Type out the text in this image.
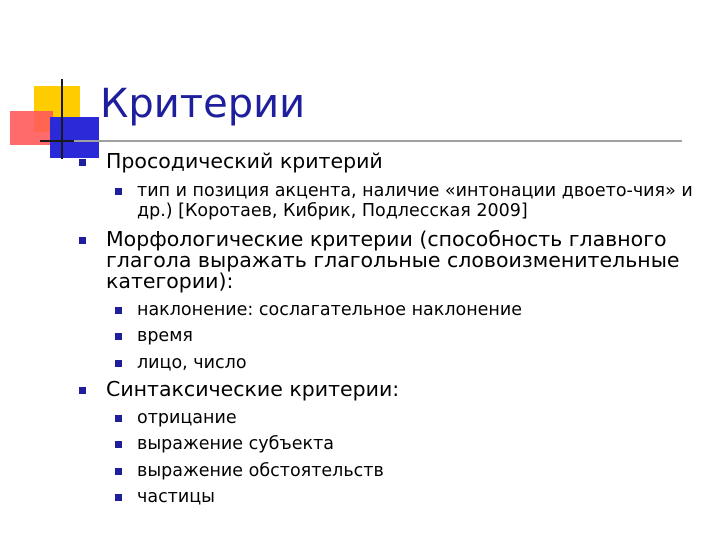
Критерии
Просодический критерий
тип и позиция акцента, наличие «интонации двоето-чия» и др.) [Коротаев, Кибрик, Подлесская 2009]
Морфологические критерии (способность главного глагола выражать глагольные словоизменительные категории):
наклонение: сослагательное наклонение
время
лицо, число
Синтаксические критерии:
отрицание
выражение субъекта
выражение обстоятельств
частицы
